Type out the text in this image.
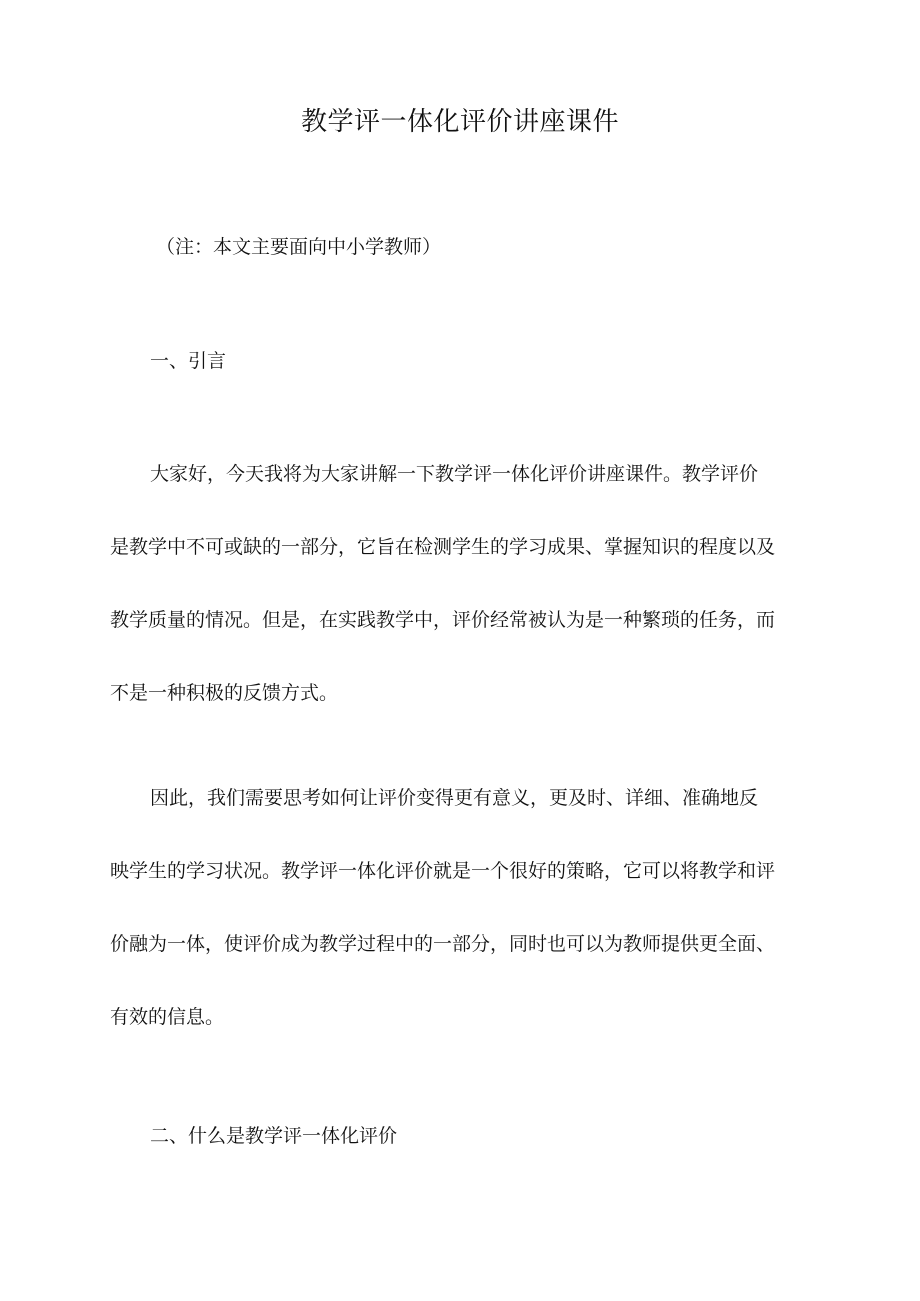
教学评一体化评价讲座课件

（注：本文主要面向中小学教师）

一、引言
大家好，今天我将为大家讲解一下教学评一体化评价讲座课件。教学评价
是教学中不可或缺的一部分，它旨在检测学生的学习成果、掌握知识的程度以及
教学质量的情况。但是，在实践教学中，评价经常被认为是一种繁琐的任务，而
不是一种积极的反馈方式。
因此，我们需要思考如何让评价变得更有意义，更及时、详细、准确地反
映学生的学习状况。教学评一体化评价就是一个很好的策略，它可以将教学和评
价融为一体，使评价成为教学过程中的一部分，同时也可以为教师提供更全面、
有效的信息。
二、什么是教学评一体化评价
